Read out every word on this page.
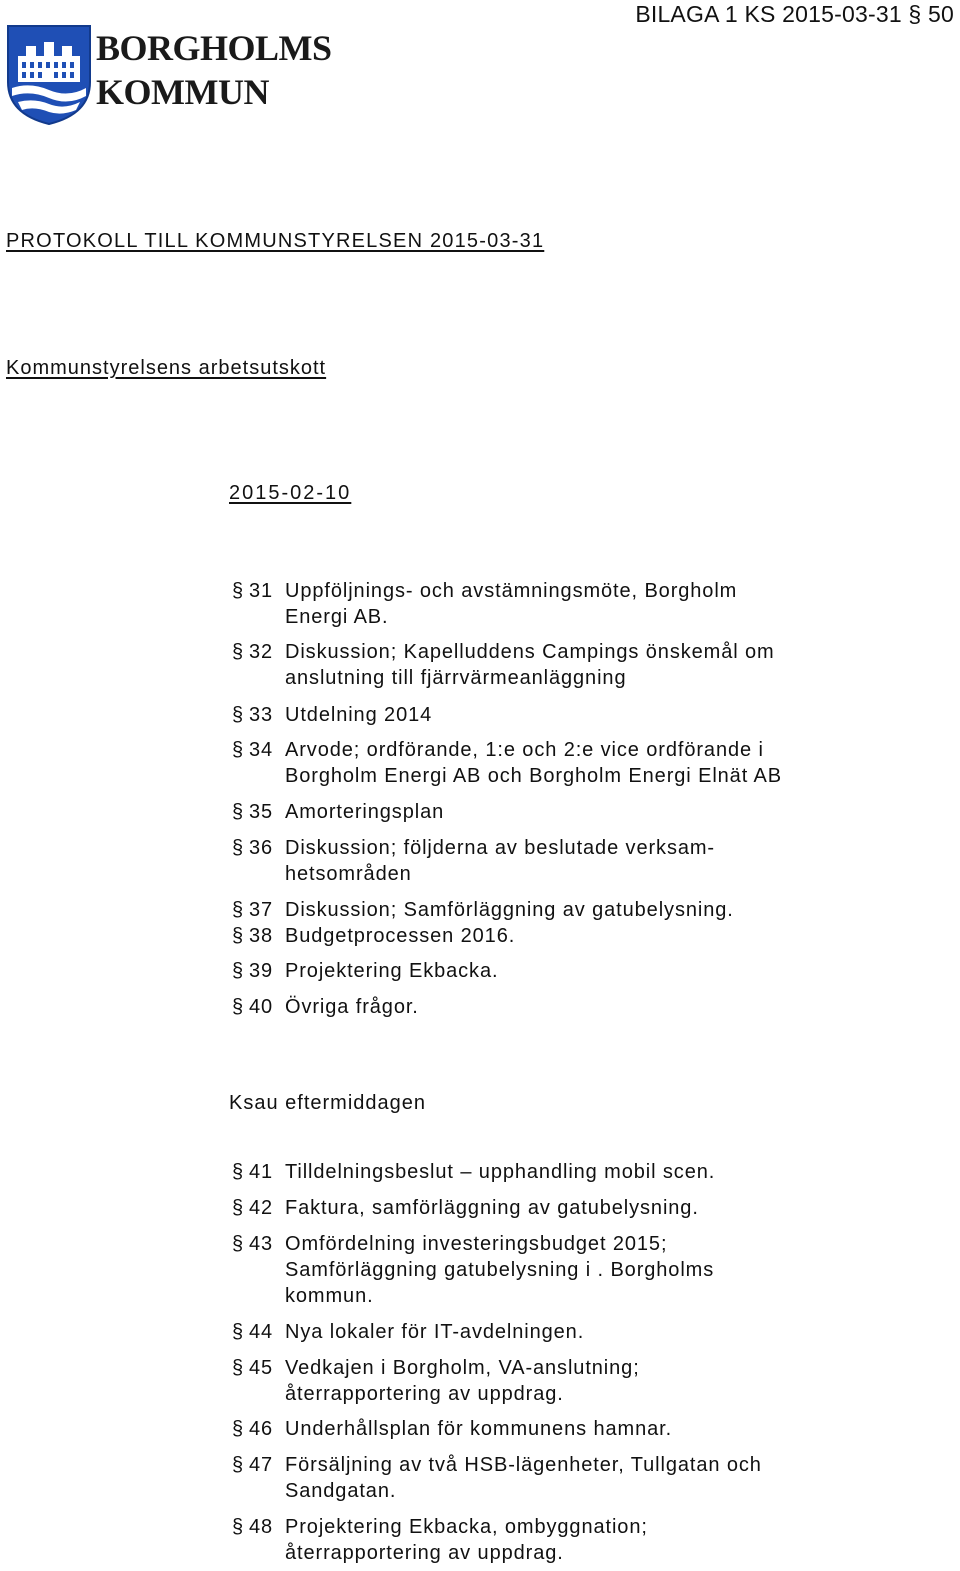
BILAGA 1 KS 2015-03-31 § 50
BORGHOLMS
KOMMUN
PROTOKOLL TILL KOMMUNSTYRELSEN 2015-03-31
Kommunstyrelsens arbetsutskott
2015-02-10
§ 31 Uppföljnings- och avstämningsmöte, Borgholm
Energi AB.
§ 32 Diskussion; Kapelluddens Campings önskemål om
anslutning till fjärrvärmeanläggning
§ 33 Utdelning 2014
§ 34 Arvode; ordförande, 1:e och 2:e vice ordförande i
Borgholm Energi AB och Borgholm Energi Elnät AB
§ 35 Amorteringsplan
§ 36 Diskussion; följderna av beslutade verksam-
hetsområden
§ 37 Diskussion; Samförläggning av gatubelysning.
§ 38 Budgetprocessen 2016.
§ 39 Projektering Ekbacka.
§ 40 Övriga frågor.
Ksau eftermiddagen
§ 41 Tilldelningsbeslut – upphandling mobil scen.
§ 42 Faktura, samförläggning av gatubelysning.
§ 43 Omfördelning investeringsbudget 2015;
Samförläggning gatubelysning i . Borgholms
kommun.
§ 44 Nya lokaler för IT-avdelningen.
§ 45 Vedkajen i Borgholm, VA-anslutning;
återrapportering av uppdrag.
§ 46 Underhållsplan för kommunens hamnar.
§ 47 Försäljning av två HSB-lägenheter, Tullgatan och
Sandgatan.
§ 48 Projektering Ekbacka, ombyggnation;
återrapportering av uppdrag.
